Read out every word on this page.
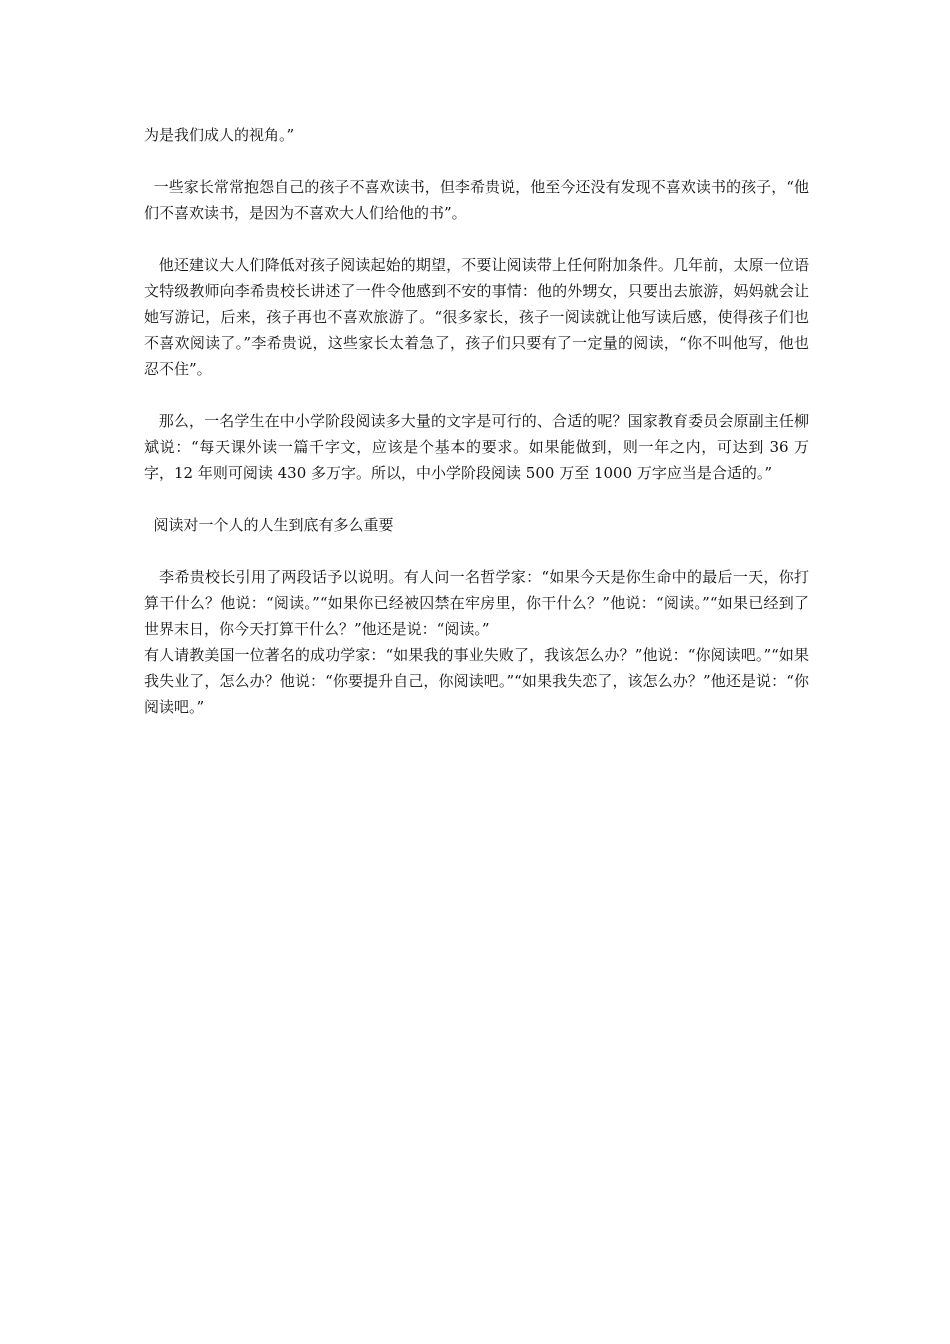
为是我们成人的视角。”

一些家长常常抱怨自己的孩子不喜欢读书，但李希贵说，他至今还没有发现不喜欢读书的孩子，“他们不喜欢读书，是因为不喜欢大人们给他的书”。

他还建议大人们降低对孩子阅读起始的期望，不要让阅读带上任何附加条件。几年前，太原一位语文特级教师向李希贵校长讲述了一件令他感到不安的事情：他的外甥女，只要出去旅游，妈妈就会让她写游记，后来，孩子再也不喜欢旅游了。“很多家长，孩子一阅读就让他写读后感，使得孩子们也不喜欢阅读了。”李希贵说，这些家长太着急了，孩子们只要有了一定量的阅读，“你不叫他写，他也忍不住”。

那么，一名学生在中小学阶段阅读多大量的文字是可行的、合适的呢？国家教育委员会原副主任柳斌说：“每天课外读一篇千字文，应该是个基本的要求。如果能做到，则一年之内，可达到 36 万字，12 年则可阅读 430 多万字。所以，中小学阶段阅读 500 万至 1000 万字应当是合适的。”

阅读对一个人的人生到底有多么重要

李希贵校长引用了两段话予以说明。有人问一名哲学家：“如果今天是你生命中的最后一天，你打算干什么？他说：“阅读。”“如果你已经被囚禁在牢房里，你干什么？”他说：“阅读。”“如果已经到了世界末日，你今天打算干什么？”他还是说：“阅读。”

有人请教美国一位著名的成功学家：“如果我的事业失败了，我该怎么办？”他说：“你阅读吧。”“如果我失业了，怎么办？他说：“你要提升自己，你阅读吧。”“如果我失恋了，该怎么办？”他还是说：“你阅读吧。”
